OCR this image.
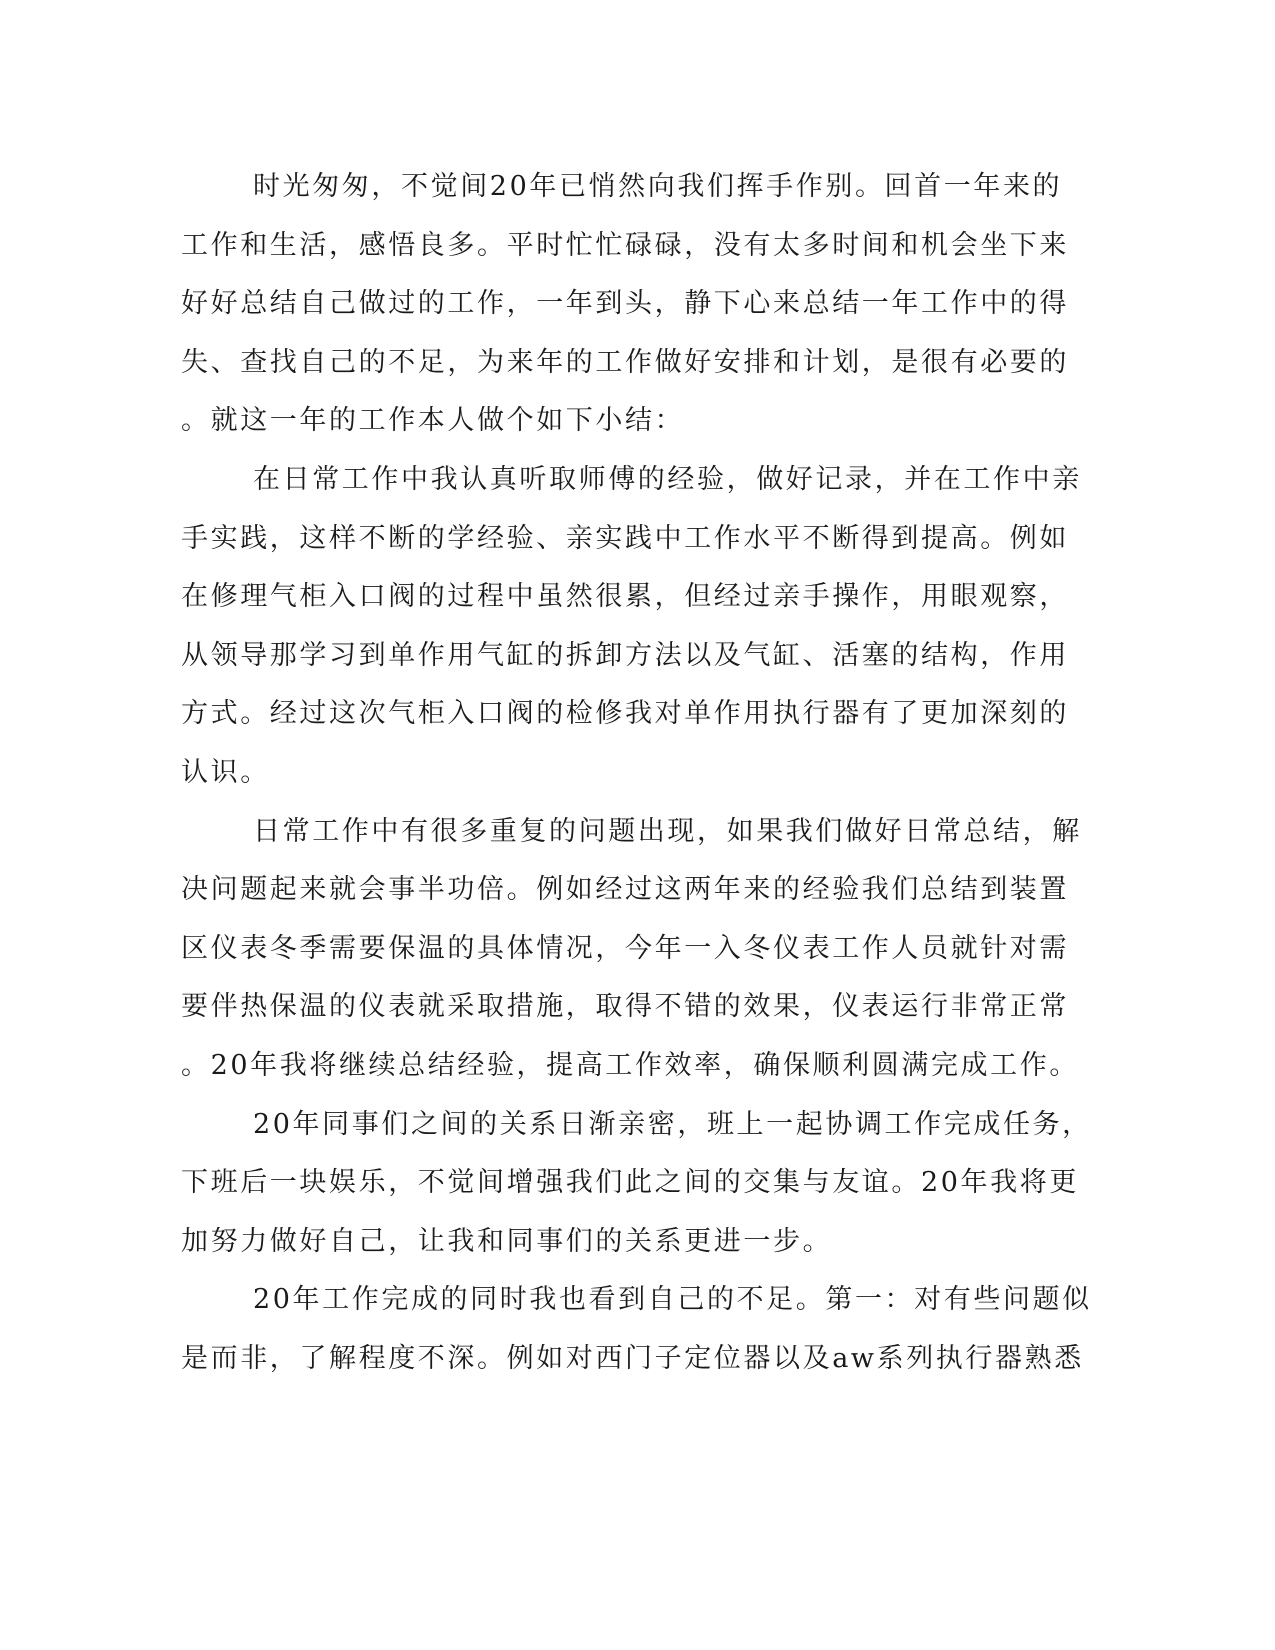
时光匆匆，不觉间20年已悄然向我们挥手作别。回首一年来的
工作和生活，感悟良多。平时忙忙碌碌，没有太多时间和机会坐下来
好好总结自己做过的工作，一年到头，静下心来总结一年工作中的得
失、查找自己的不足，为来年的工作做好安排和计划，是很有必要的
。就这一年的工作本人做个如下小结：
在日常工作中我认真听取师傅的经验，做好记录，并在工作中亲
手实践，这样不断的学经验、亲实践中工作水平不断得到提高。例如
在修理气柜入口阀的过程中虽然很累，但经过亲手操作，用眼观察，
从领导那学习到单作用气缸的拆卸方法以及气缸、活塞的结构，作用
方式。经过这次气柜入口阀的检修我对单作用执行器有了更加深刻的
认识。
日常工作中有很多重复的问题出现，如果我们做好日常总结，解
决问题起来就会事半功倍。例如经过这两年来的经验我们总结到装置
区仪表冬季需要保温的具体情况，今年一入冬仪表工作人员就针对需
要伴热保温的仪表就采取措施，取得不错的效果，仪表运行非常正常
。20年我将继续总结经验，提高工作效率，确保顺利圆满完成工作。
20年同事们之间的关系日渐亲密，班上一起协调工作完成任务，
下班后一块娱乐，不觉间增强我们此之间的交集与友谊。20年我将更
加努力做好自己，让我和同事们的关系更进一步。
20年工作完成的同时我也看到自己的不足。第一：对有些问题似
是而非，了解程度不深。例如对西门子定位器以及aw系列执行器熟悉
